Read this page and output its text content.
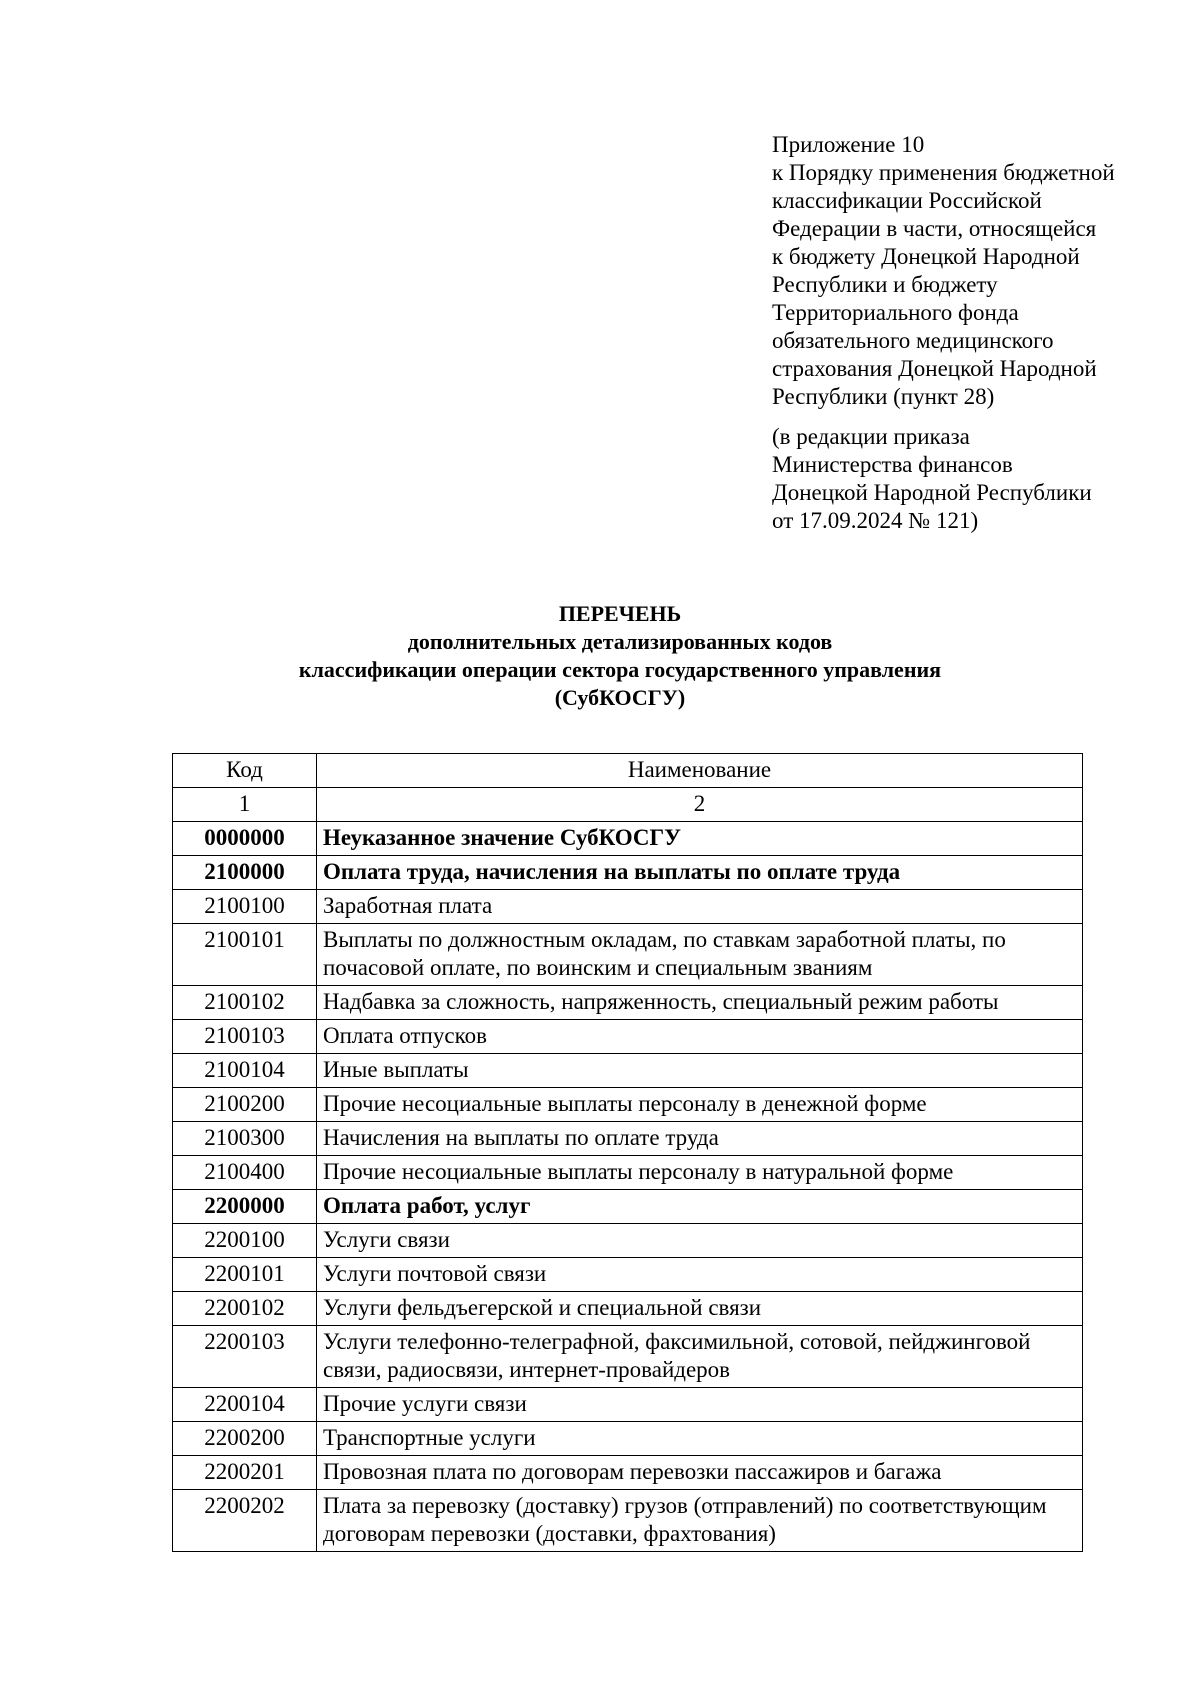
Приложение 10
к Порядку применения бюджетной
классификации Российской
Федерации в части, относящейся
к бюджету Донецкой Народной
Республики и бюджету
Территориального фонда
обязательного медицинского
страхования Донецкой Народной
Республики (пункт 28)
(в редакции приказа
Министерства финансов
Донецкой Народной Республики
от 17.09.2024 № 121)
ПЕРЕЧЕНЬ
дополнительных детализированных кодов
классификации операции сектора государственного управления
(СубКОСГУ)
Код	Наименование
1	2
0000000	Неуказанное значение СубКОСГУ
2100000	Оплата труда, начисления на выплаты по оплате труда
2100100	Заработная плата
2100101	Выплаты по должностным окладам, по ставкам заработной платы, по почасовой оплате, по воинским и специальным званиям
2100102	Надбавка за сложность, напряженность, специальный режим работы
2100103	Оплата отпусков
2100104	Иные выплаты
2100200	Прочие несоциальные выплаты персоналу в денежной форме
2100300	Начисления на выплаты по оплате труда
2100400	Прочие несоциальные выплаты персоналу в натуральной форме
2200000	Оплата работ, услуг
2200100	Услуги связи
2200101	Услуги почтовой связи
2200102	Услуги фельдъегерской и специальной связи
2200103	Услуги телефонно-телеграфной, факсимильной, сотовой, пейджинговой связи, радиосвязи, интернет-провайдеров
2200104	Прочие услуги связи
2200200	Транспортные услуги
2200201	Провозная плата по договорам перевозки пассажиров и багажа
2200202	Плата за перевозку (доставку) грузов (отправлений) по соответствующим договорам перевозки (доставки, фрахтования)
